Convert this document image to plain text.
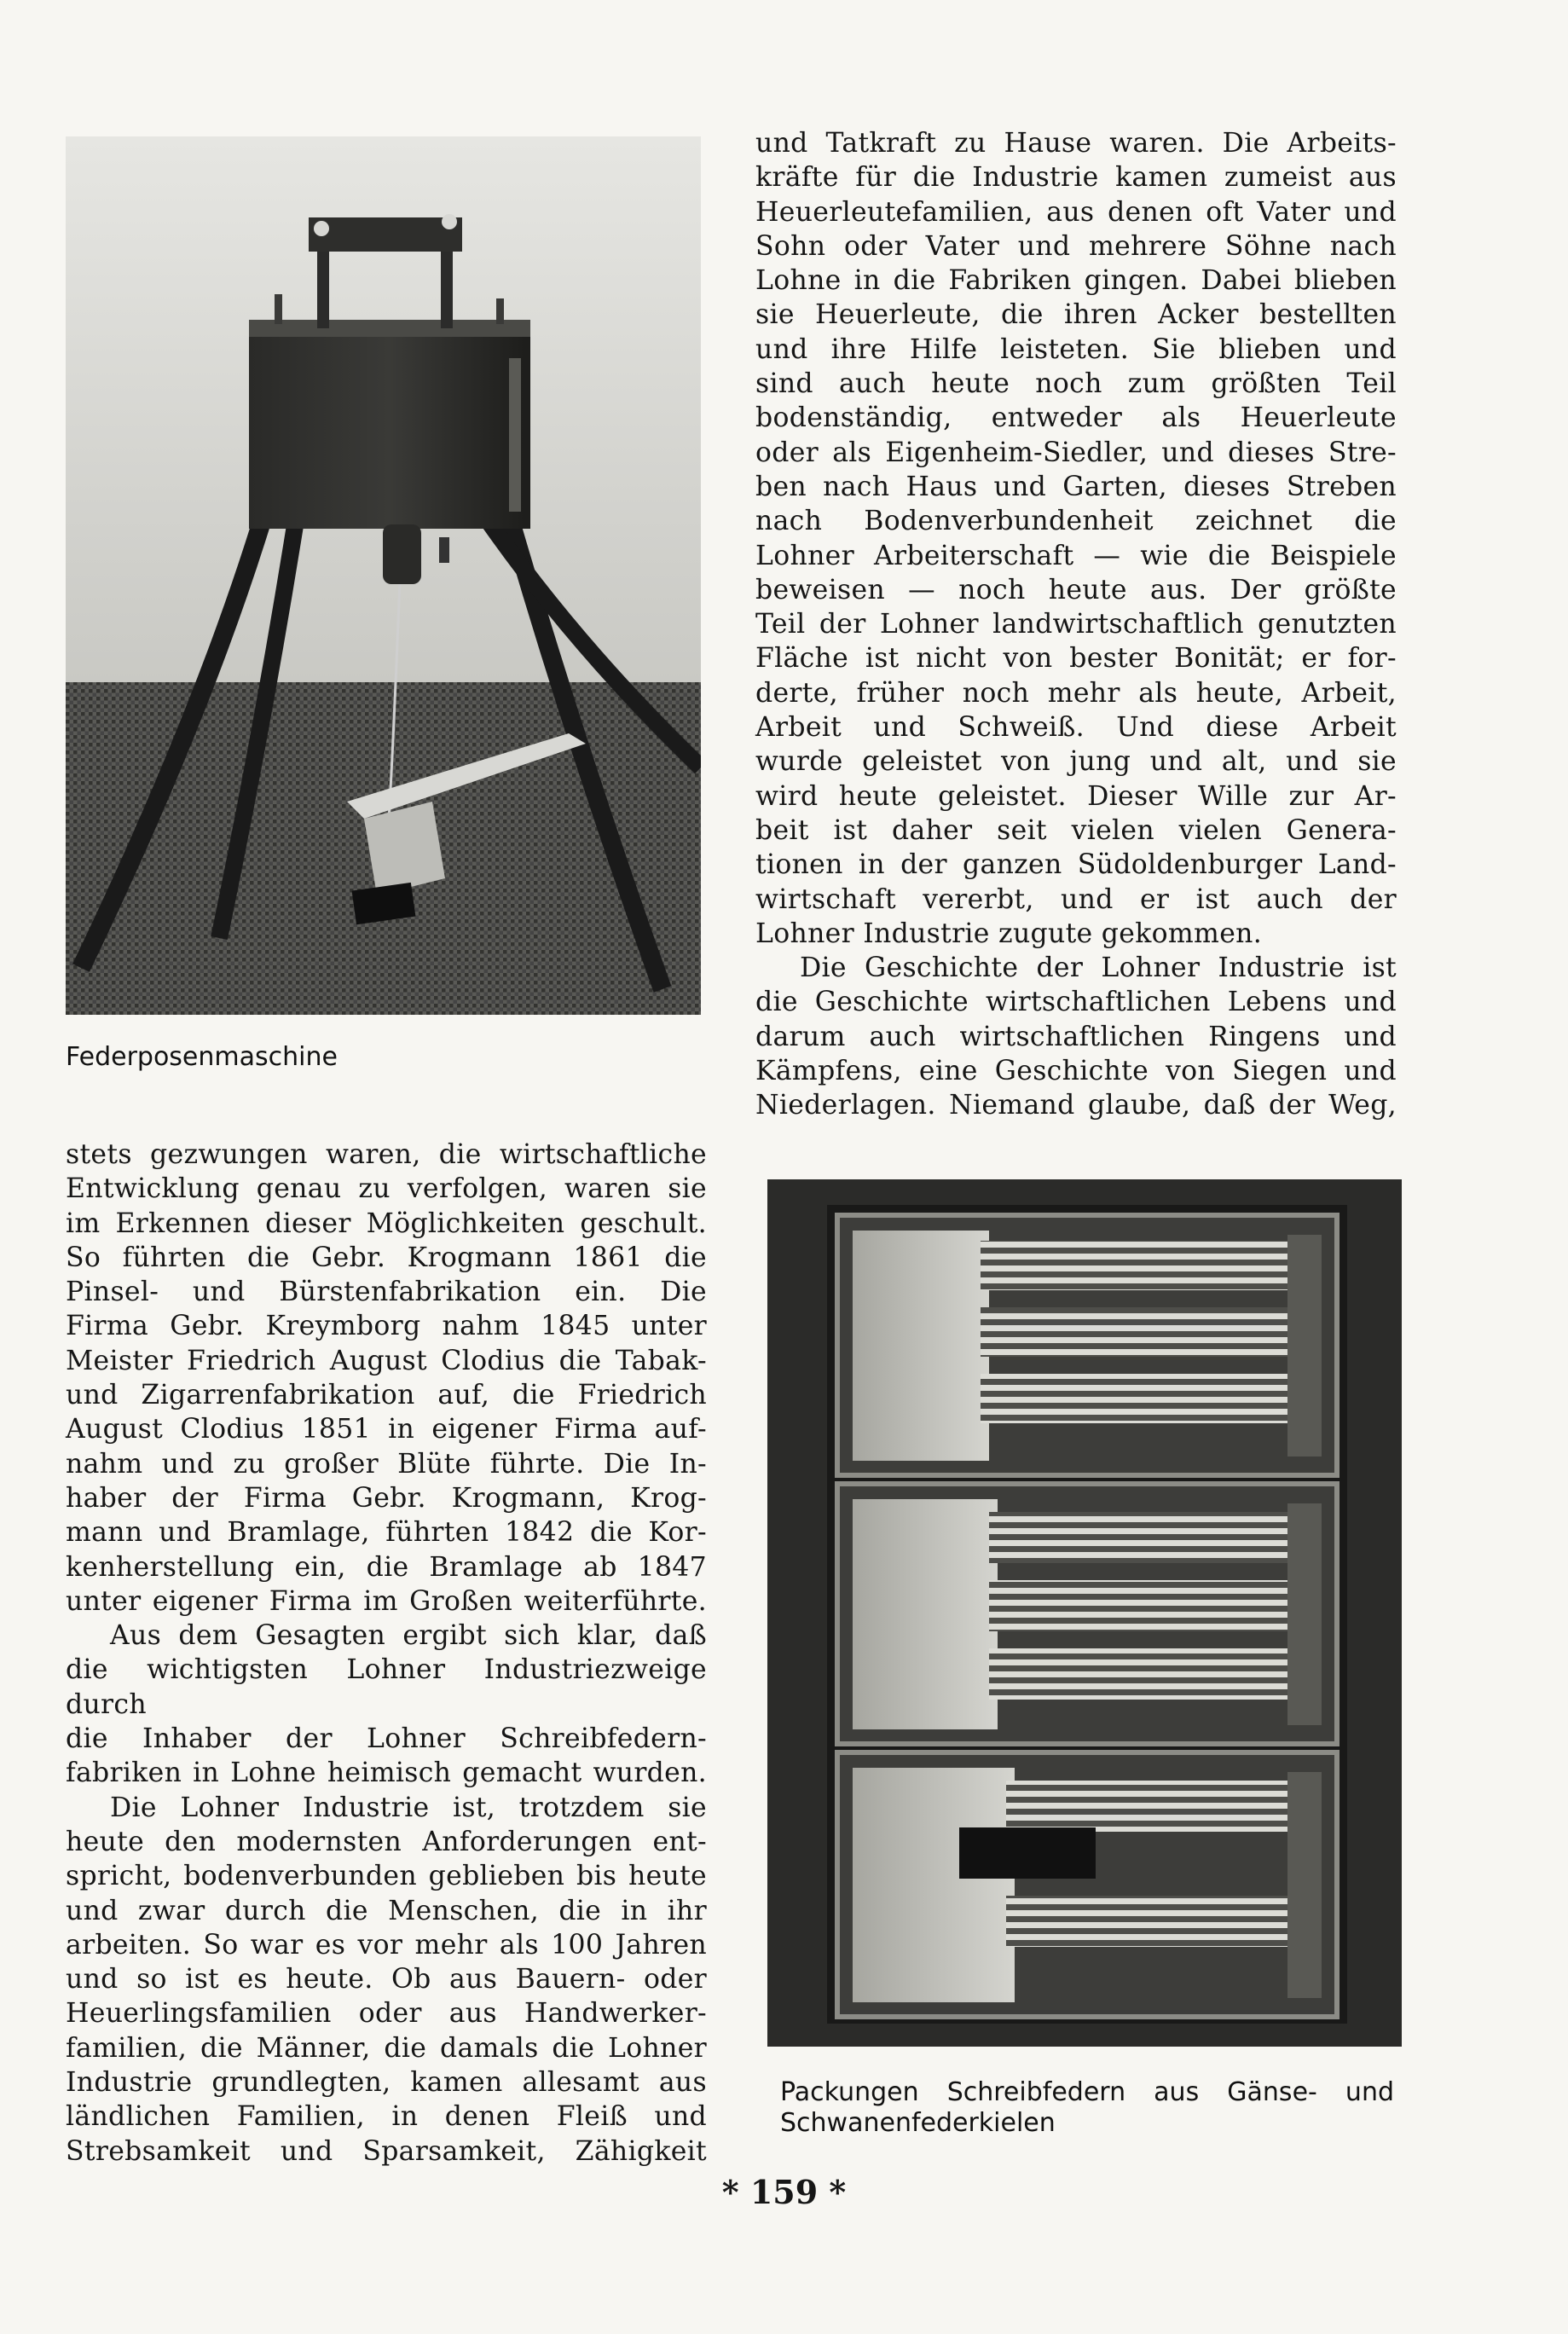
Federposenmaschine

und Tatkraft zu Hause waren. Die Arbeits-
kräfte für die Industrie kamen zumeist aus
Heuerleutefamilien, aus denen oft Vater und
Sohn oder Vater und mehrere Söhne nach
Lohne in die Fabriken gingen. Dabei blieben
sie Heuerleute, die ihren Acker bestellten
und ihre Hilfe leisteten. Sie blieben und
sind auch heute noch zum größten Teil
bodenständig, entweder als Heuerleute
oder als Eigenheim-Siedler, und dieses Stre-
ben nach Haus und Garten, dieses Streben
nach Bodenverbundenheit zeichnet die
Lohner Arbeiterschaft — wie die Beispiele
beweisen — noch heute aus. Der größte
Teil der Lohner landwirtschaftlich genutzten
Fläche ist nicht von bester Bonität; er for-
derte, früher noch mehr als heute, Arbeit,
Arbeit und Schweiß. Und diese Arbeit
wurde geleistet von jung und alt, und sie
wird heute geleistet. Dieser Wille zur Ar-
beit ist daher seit vielen vielen Genera-
tionen in der ganzen Südoldenburger Land-
wirtschaft vererbt, und er ist auch der
Lohner Industrie zugute gekommen.

Die Geschichte der Lohner Industrie ist

die Geschichte wirtschaftlichen Lebens und
darum auch wirtschaftlichen Ringens und
Kämpfens, eine Geschichte von Siegen und
Niederlagen. Niemand glaube, daß der Weg,

stets gezwungen waren, die wirtschaftliche
Entwicklung genau zu verfolgen, waren sie
im Erkennen dieser Möglichkeiten geschult.
So führten die Gebr. Krogmann 1861 die
Pinsel- und Bürstenfabrikation ein. Die
Firma Gebr. Kreymborg nahm 1845 unter
Meister Friedrich August Clodius die Tabak-
und Zigarrenfabrikation auf, die Friedrich
August Clodius 1851 in eigener Firma auf-
nahm und zu großer Blüte führte. Die In-
haber der Firma Gebr. Krogmann, Krog-
mann und Bramlage, führten 1842 die Kor-
kenherstellung ein, die Bramlage ab 1847
unter eigener Firma im Großen weiterführte.

Aus dem Gesagten ergibt sich klar, daß
die wichtigsten Lohner Industriezweige durch
die Inhaber der Lohner Schreibfedern-
fabriken in Lohne heimisch gemacht wurden.

Die Lohner Industrie ist, trotzdem sie
heute den modernsten Anforderungen ent-
spricht, bodenverbunden geblieben bis heute
und zwar durch die Menschen, die in ihr
arbeiten. So war es vor mehr als 100 Jahren
und so ist es heute. Ob aus Bauern- oder
Heuerlingsfamilien oder aus Handwerker-
familien, die Männer, die damals die Lohner
Industrie grundlegten, kamen allesamt aus
ländlichen Familien, in denen Fleiß und
Strebsamkeit und Sparsamkeit, Zähigkeit

Packungen Schreibfedern aus Gänse- und
Schwanenfederkielen
* 159 *
